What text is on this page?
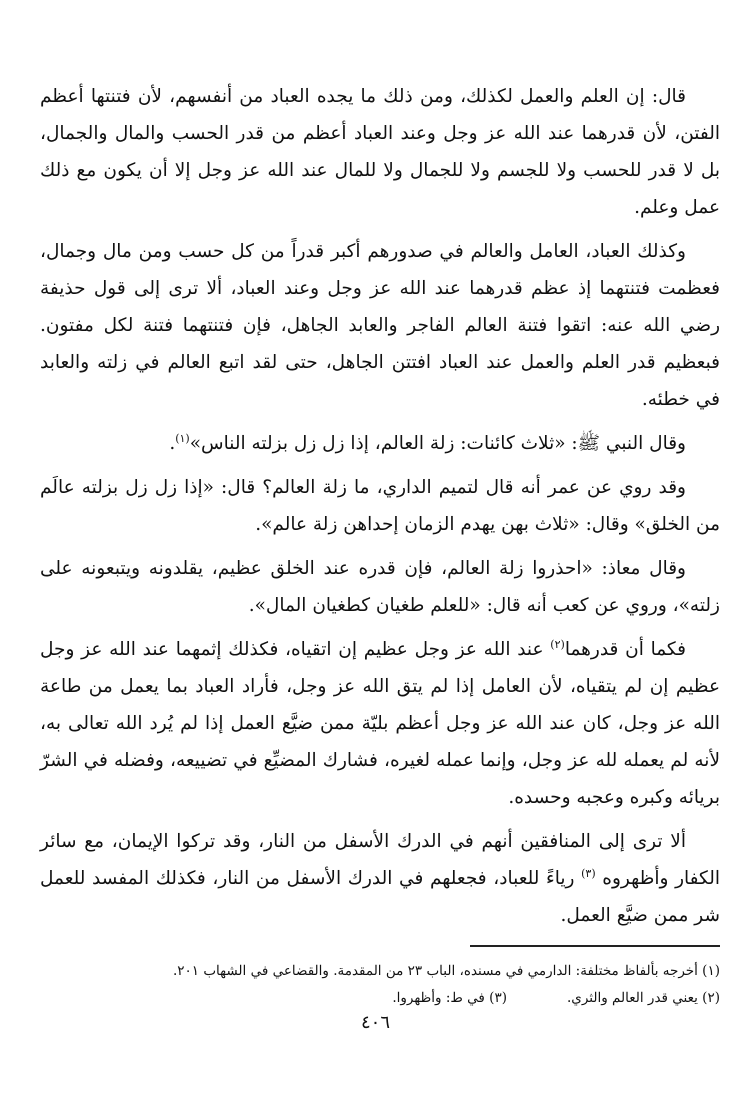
قال: إن العلم والعمل لكذلك، ومن ذلك ما يجده العباد من أنفسهم، لأن فتنتها أعظم الفتن، لأن قدرهما عند الله عز وجل وعند العباد أعظم من قدر الحسب والمال والجمال، بل لا قدر للحسب ولا للجسم ولا للجمال ولا للمال عند الله عز وجل إلا أن يكون مع ذلك عمل وعلم.

وكذلك العباد، العامل والعالم في صدورهم أكبر قدراً من كل حسب ومن مال وجمال، فعظمت فتنتهما إذ عظم قدرهما عند الله عز وجل وعند العباد، ألا ترى إلى قول حذيفة رضي الله عنه: اتقوا فتنة العالم الفاجر والعابد الجاهل، فإن فتنتهما فتنة لكل مفتون. فبعظيم قدر العلم والعمل عند العباد افتتن الجاهل، حتى لقد اتبع العالم في زلته والعابد في خطئه.

وقال النبي ﷺ: «ثلاث كائنات: زلة العالم، إذا زل زل بزلته الناس»$^{(١)}$.

وقد روي عن عمر أنه قال لتميم الداري، ما زلة العالم؟ قال: «إذا زل زل بزلته عالَم من الخلق» وقال: «ثلاث بهن يهدم الزمان إحداهن زلة عالم».

وقال معاذ: «احذروا زلة العالم، فإن قدره عند الخلق عظيم، يقلدونه ويتبعونه على زلته»، وروي عن كعب أنه قال: «للعلم طغيان كطغيان المال».

فكما أن قدرهما$^{(٢)}$ عند الله عز وجل عظيم إن اتقياه، فكذلك إثمهما عند الله عز وجل عظيم إن لم يتقياه، لأن العامل إذا لم يتق الله عز وجل، فأراد العباد بما يعمل من طاعة الله عز وجل، كان عند الله عز وجل أعظم بليّة ممن ضيَّع العمل إذا لم يُرد الله تعالى به، لأنه لم يعمله لله عز وجل، وإنما عمله لغيره، فشارك المضيِّع في تضييعه، وفضله في الشرّ بريائه وكبره وعجبه وحسده.

ألا ترى إلى المنافقين أنهم في الدرك الأسفل من النار، وقد تركوا الإيمان، مع سائر الكفار وأظهروه $^{(٣)}$ رياءً للعباد، فجعلهم في الدرك الأسفل من النار، فكذلك المفسد للعمل شر ممن ضيَّع العمل.

(١) أخرجه بألفاظ مختلفة: الدارمي في مسنده، الباب ٢٣ من المقدمة. والقضاعي في الشهاب ٢٠١.
(٢) يعني قدر العالم والثري.(٣) في ط: وأظهروا.
٤٠٦
